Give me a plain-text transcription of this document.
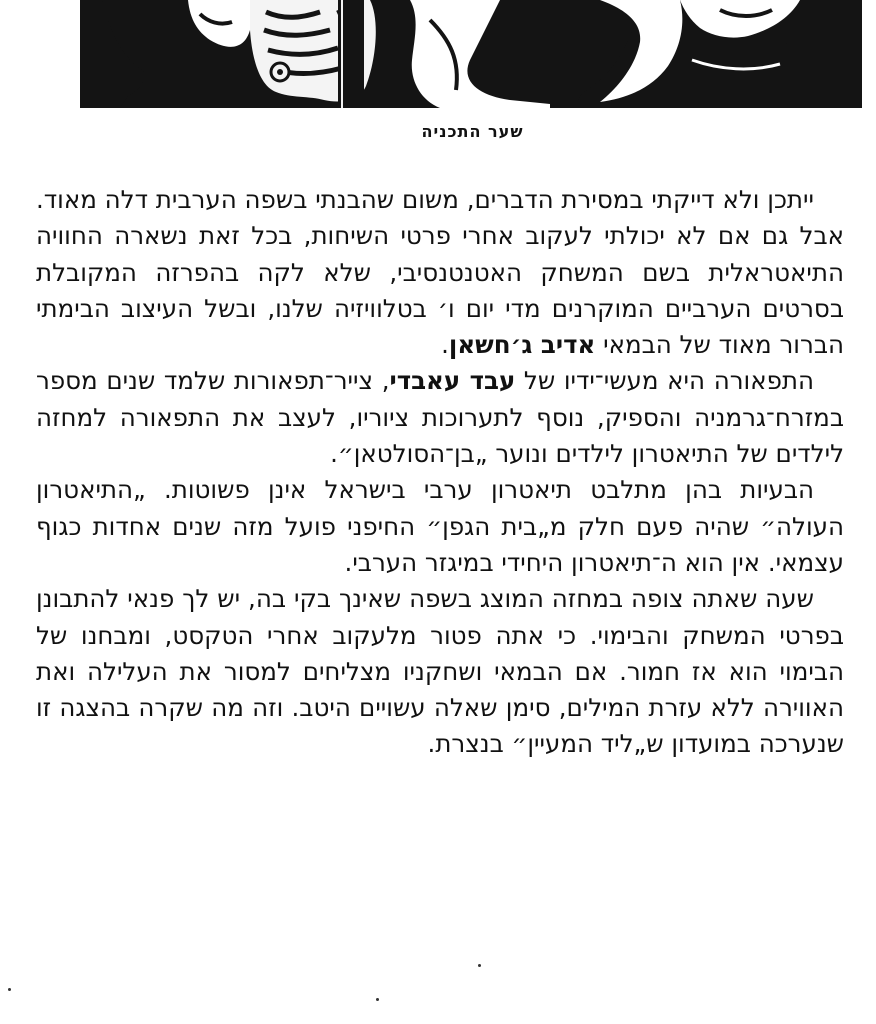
שער התכניה

ייתכן ולא דייקתי במסירת הדברים, משום שהבנתי בשפה הערבית דלה מאוד. אבל גם אם לא יכולתי לעקוב אחרי פרטי השיחות, בכל זאת נשארה החוויה התיאטראלית בשם המשחק האטנטנסיבי, שלא לקה בהפרזה המקובלת בסרטים הערביים המוקרנים מדי יום ו׳ בטלוויזיה שלנו, ובשל העיצוב הבימתי הברור מאוד של הבמאי אדיב ג׳חשאן.

התפאורה היא מעשי־ידיו של עבד עאבדי, צייר־תפאורות שלמד שנים מספר במזרח־גרמניה והספיק, נוסף לתערוכות ציוריו, לעצב את התפאורה למחזה לילדים של התיאטרון לילדים ונוער „בן־הסולטאן״.

הבעיות בהן מתלבט תיאטרון ערבי בישראל אינן פשוטות. „התיאטרון העולה״ שהיה פעם חלק מ„בית הגפן״ החיפני פועל מזה שנים אחדות כגוף עצמאי. אין הוא ה־תיאטרון היחידי במיגזר הערבי.

שעה שאתה צופה במחזה המוצג בשפה שאינך בקי בה, יש לך פנאי להתבונן בפרטי המשחק והבימוי. כי אתה פטור מלעקוב אחרי הטקסט, ומבחנו של הבימוי הוא אז חמור. אם הבמאי ושחקניו מצליחים למסור את העלילה ואת האווירה ללא עזרת המילים, סימן שאלה עשויים היטב. וזה מה שקרה בהצגה זו שנערכה במועדון ש„ליד המעיין״ בנצרת.
